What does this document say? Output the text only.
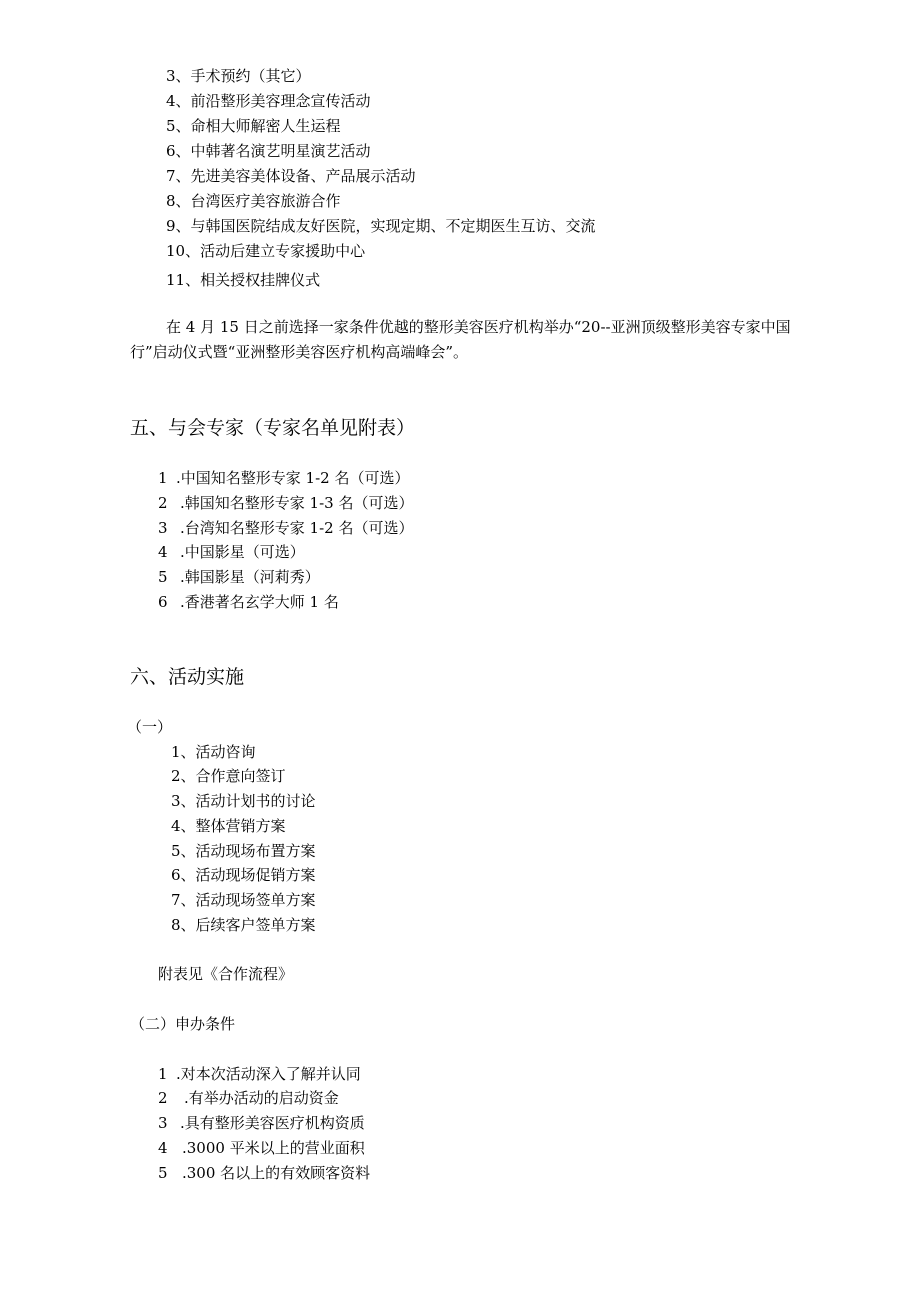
3、手术预约（其它）
4、前沿整形美容理念宣传活动
5、命相大师解密人生运程
6、中韩著名演艺明星演艺活动
7、先进美容美体设备、产品展示活动
8、台湾医疗美容旅游合作
9、与韩国医院结成友好医院，实现定期、不定期医生互访、交流
10、活动后建立专家援助中心
11、相关授权挂牌仪式
在 4 月 15 日之前选择一家条件优越的整形美容医疗机构举办“20--亚洲顶级整形美容专家中国
行”启动仪式暨“亚洲整形美容医疗机构高端峰会”。
五、与会专家（专家名单见附表）
1 .中国知名整形专家 1-2 名（可选）
2 .韩国知名整形专家 1-3 名（可选）
3 .台湾知名整形专家 1-2 名（可选）
4 .中国影星（可选）
5 .韩国影星（河莉秀）
6 .香港著名玄学大师 1 名
六、活动实施
（一）
1、活动咨询
2、合作意向签订
3、活动计划书的讨论
4、整体营销方案
5、活动现场布置方案
6、活动现场促销方案
7、活动现场签单方案
8、后续客户签单方案
附表见《合作流程》
（二）申办条件
1 .对本次活动深入了解并认同
2 .有举办活动的启动资金
3 .具有整形美容医疗机构资质
4 .3000 平米以上的营业面积
5 .300 名以上的有效顾客资料
